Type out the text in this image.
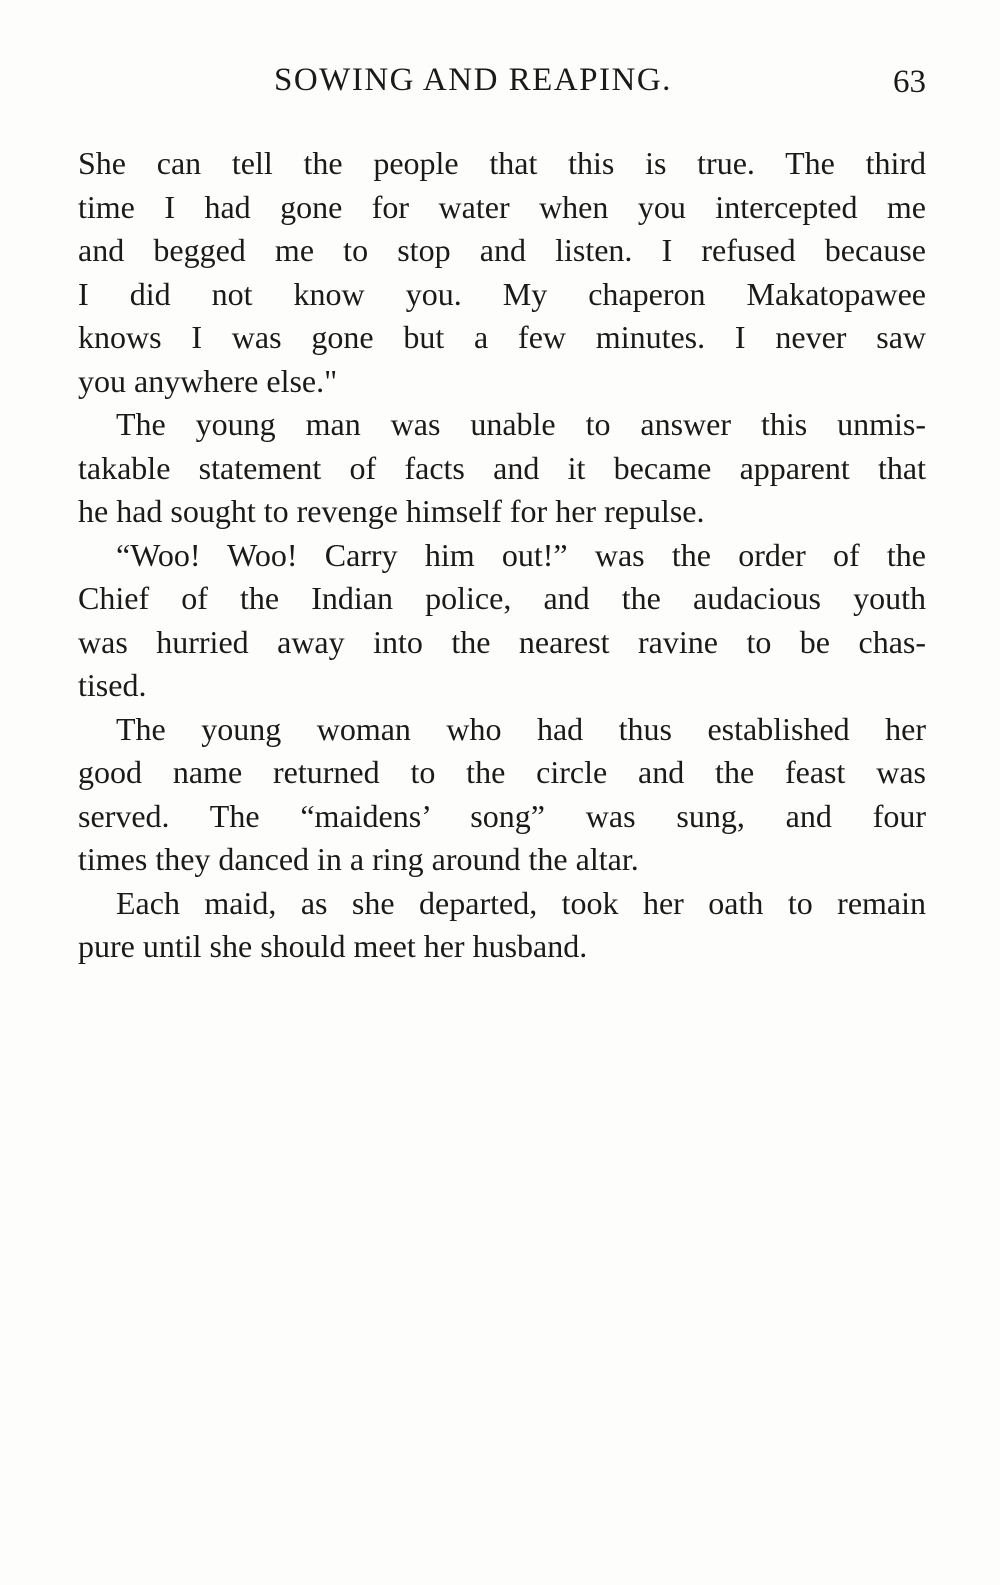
SOWING AND REAPING.	63
She can tell the people that this is true. The third
time I had gone for water when you intercepted me
and begged me to stop and listen. I refused because
I did not know you. My chaperon Makatopawee
knows I was gone but a few minutes. I never saw
you anywhere else."
The young man was unable to answer this unmis-
takable statement of facts and it became apparent that
he had sought to revenge himself for her repulse.
“Woo! Woo! Carry him out!” was the order of the
Chief of the Indian police, and the audacious youth
was hurried away into the nearest ravine to be chas-
tised.
The young woman who had thus established her
good name returned to the circle and the feast was
served. The “maidens’ song” was sung, and four
times they danced in a ring around the altar.
Each maid, as she departed, took her oath to remain
pure until she should meet her husband.
